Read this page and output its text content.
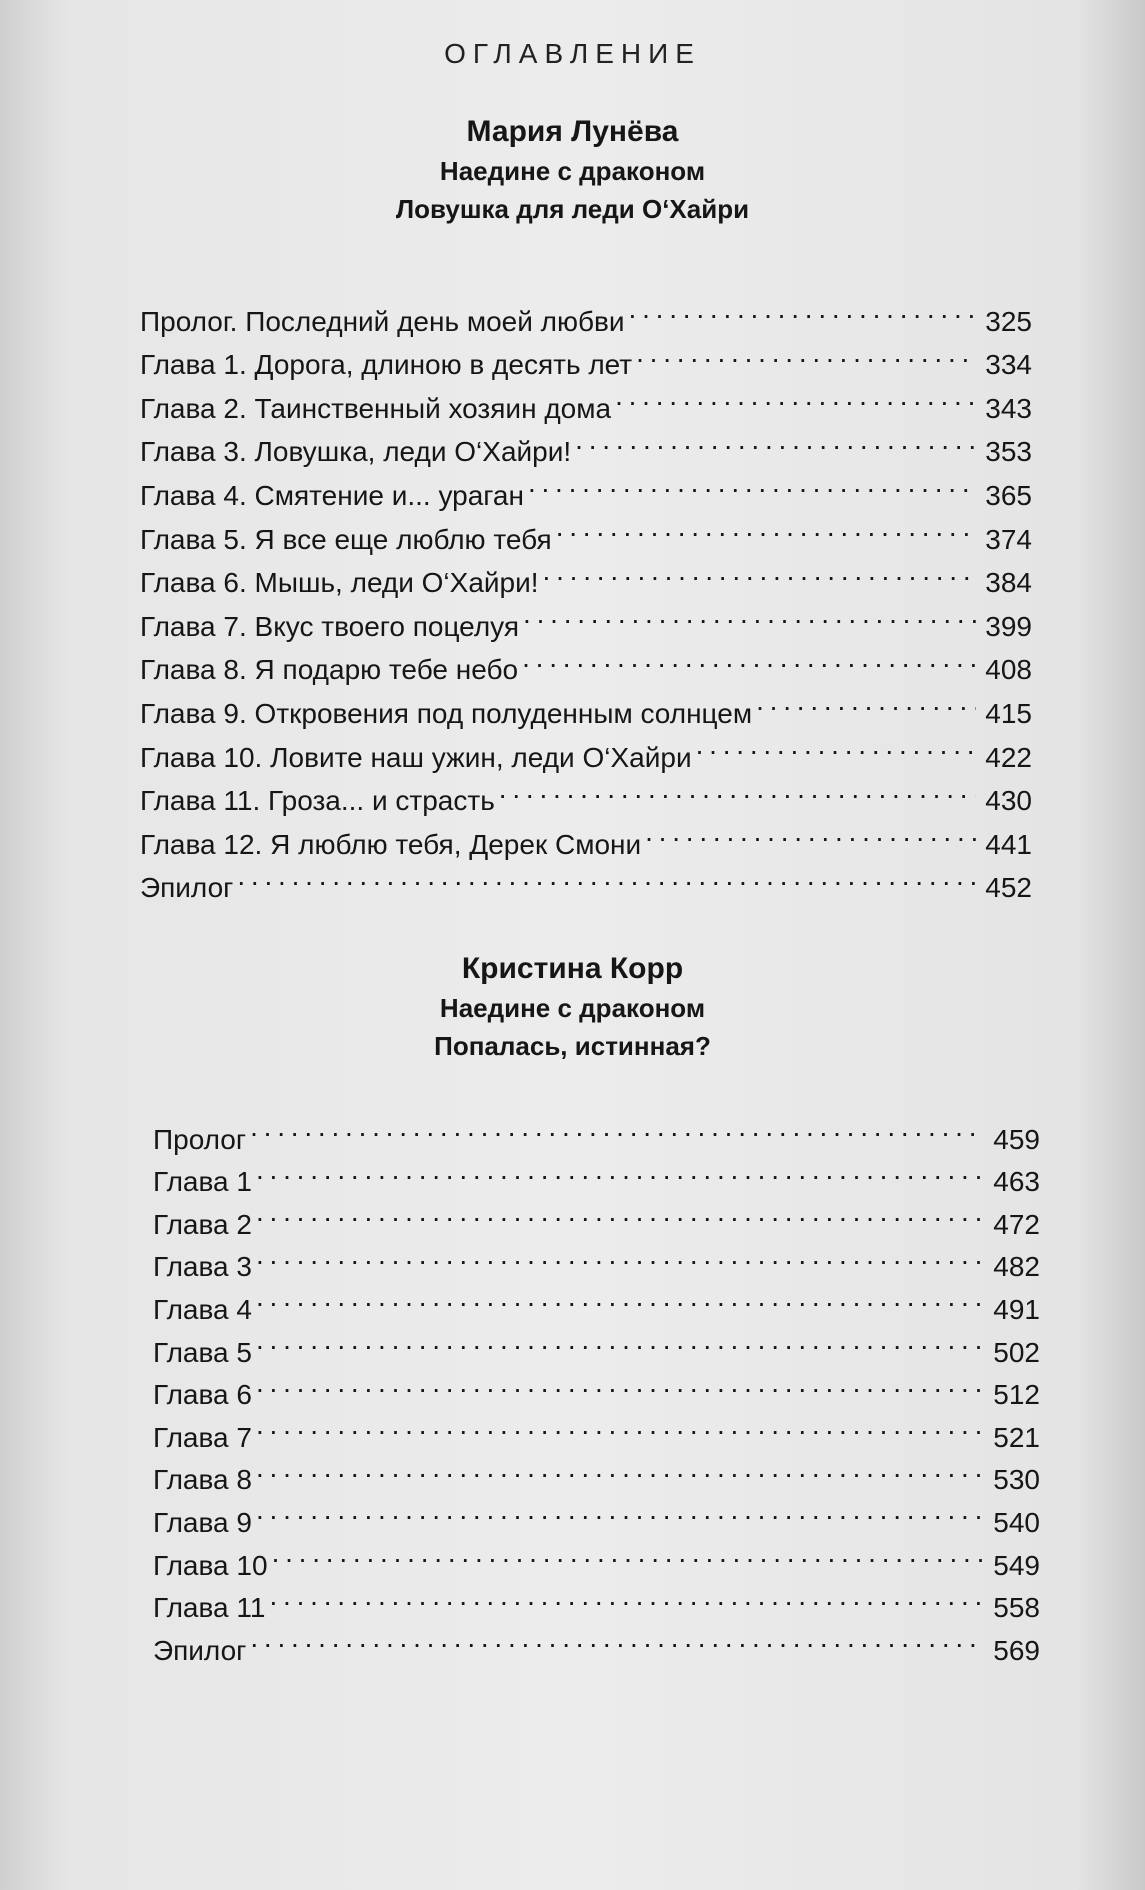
ОГЛАВЛЕНИЕ
Мария Лунёва
Наедине с драконом
Ловушка для леди О‘Хайри
Пролог. Последний день моей любви . . .	325
Глава 1. Дорога, длиною в десять лет . . .	334
Глава 2. Таинственный хозяин дома . . .	343
Глава 3. Ловушка, леди О‘Хайри! . . .	353
Глава 4. Смятение и... ураган . . .	365
Глава 5. Я все еще люблю тебя . . .	374
Глава 6. Мышь, леди О‘Хайри! . . .	384
Глава 7. Вкус твоего поцелуя . . .	399
Глава 8. Я подарю тебе небо . . .	408
Глава 9. Откровения под полуденным солнцем . . .	415
Глава 10. Ловите наш ужин, леди О‘Хайри . . .	422
Глава 11. Гроза... и страсть . . .	430
Глава 12. Я люблю тебя, Дерек Смони . . .	441
Эпилог . . .	452
Кристина Корр
Наедине с драконом
Попалась, истинная?
Пролог . . .	459
Глава 1 . . .	463
Глава 2 . . .	472
Глава 3 . . .	482
Глава 4 . . .	491
Глава 5 . . .	502
Глава 6 . . .	512
Глава 7 . . .	521
Глава 8 . . .	530
Глава 9 . . .	540
Глава 10 . . .	549
Глава 11 . . .	558
Эпилог . . .	569
